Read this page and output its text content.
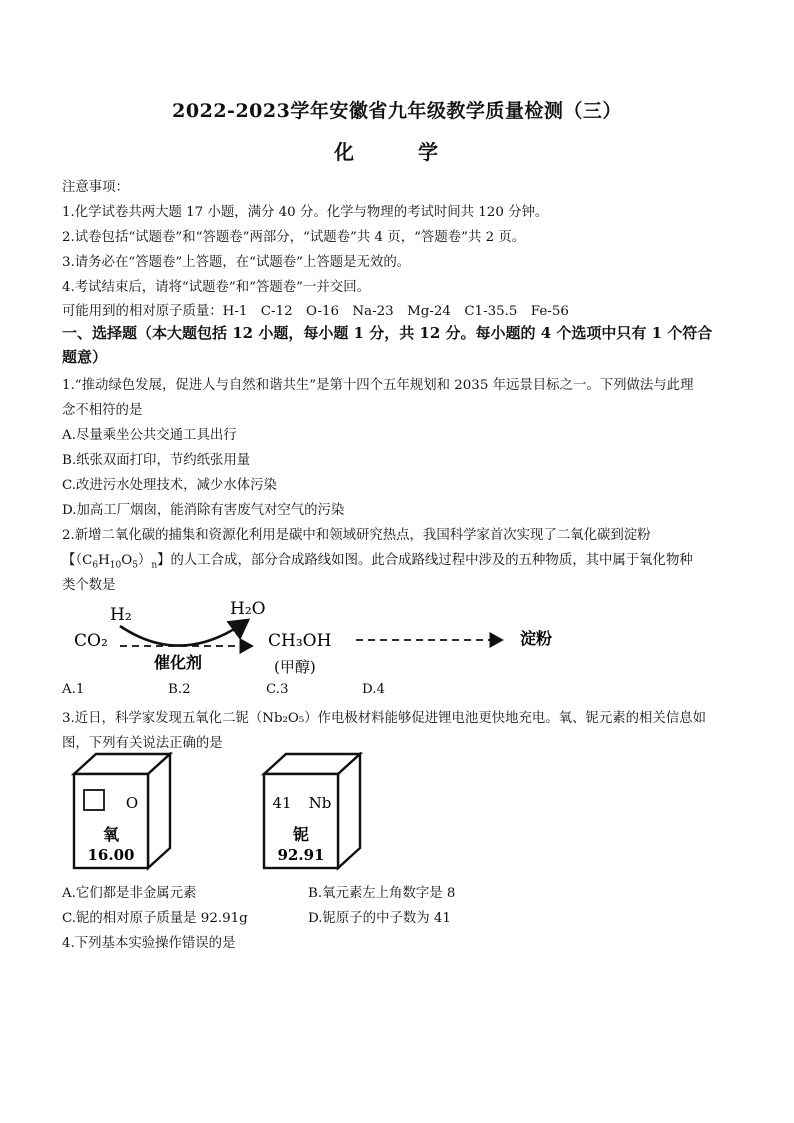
2022-2023学年安徽省九年级教学质量检测（三）
化　学
注意事项：
1.化学试卷共两大题 17 小题，满分 40 分。化学与物理的考试时间共 120 分钟。
2.试卷包括“试题卷”和“答题卷”两部分，“试题卷”共 4 页，“答题卷”共 2 页。
3.请务必在“答题卷”上答题，在“试题卷”上答题是无效的。
4.考试结束后，请将“试题卷”和“答题卷”一并交回。
可能用到的相对原子质量：H-1　C-12　O-16　Na-23　Mg-24　C1-35.5　Fe-56
一、选择题（本大题包括 12 小题，每小题 1 分，共 12 分。每小题的 4 个选项中只有 1 个符合
题意）
1.“推动绿色发展，促进人与自然和谐共生”是第十四个五年规划和 2035 年远景目标之一。下列做法与此理
念不相符的是
A.尽量乘坐公共交通工具出行
B.纸张双面打印，节约纸张用量
C.改进污水处理技术，减少水体污染
D.加高工厂烟囱，能消除有害废气对空气的污染
2.新增二氧化碳的捕集和资源化利用是碳中和领域研究热点，我国科学家首次实现了二氧化碳到淀粉
【$(C_6H_{10}O_5)_n$】的人工合成，部分合成路线如图。此合成路线过程中涉及的五种物质，其中属于氧化物种
类个数是
CO₂
H₂	H₂O
催化剂
CH₃OH
(甲醇)
淀粉
A.1	B.2	C.3	D.4
3.近日，科学家发现五氧化二铌（Nb₂O₅）作电极材料能够促进锂电池更快地充电。氧、铌元素的相关信息如
图，下列有关说法正确的是
O
氧
16.00
41 Nb
铌
92.91
A.它们都是非金属元素	B.氧元素左上角数字是 8
C.铌的相对原子质量是 92.91g	D.铌原子的中子数为 41
4.下列基本实验操作错误的是
